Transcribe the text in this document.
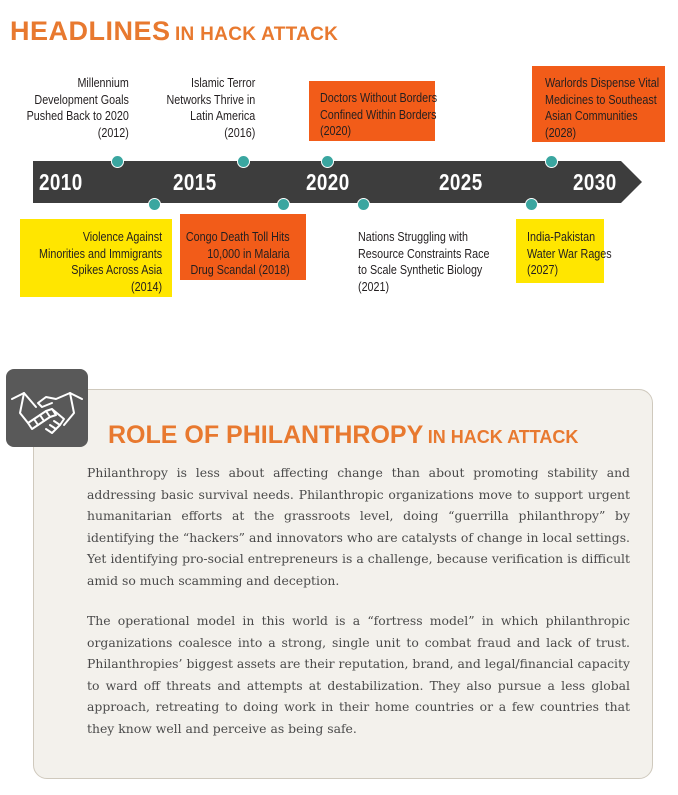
HEADLINES IN HACK ATTACK
2010	2015	2020	2025	2030
Millennium
Development Goals
Pushed Back to 2020
(2012)
Islamic Terror
Networks Thrive in
Latin America
(2016)
Doctors Without Borders
Confined Within Borders
(2020)
Warlords Dispense Vital
Medicines to Southeast
Asian Communities
(2028)
Violence Against
Minorities and Immigrants
Spikes Across Asia
(2014)
Congo Death Toll Hits
10,000 in Malaria
Drug Scandal (2018)
Nations Struggling with
Resource Constraints Race
to Scale Synthetic Biology
(2021)
India-Pakistan
Water War Rages
(2027)
ROLE OF PHILANTHROPY IN HACK ATTACK

Philanthropy is less about affecting change than about promoting stability and addressing basic survival needs. Philanthropic organizations move to support urgent humanitarian efforts at the grassroots level, doing “guerrilla philanthropy” by identifying the “hackers” and innovators who are catalysts of change in local settings. Yet identifying pro-social entrepreneurs is a challenge, because verification is difficult amid so much scamming and deception.

The operational model in this world is a “fortress model” in which philanthropic organizations coalesce into a strong, single unit to combat fraud and lack of trust. Philanthropies’ biggest assets are their reputation, brand, and legal/financial capacity to ward off threats and attempts at destabilization. They also pursue a less global approach, retreating to doing work in their home countries or a few countries that they know well and perceive as being safe.
